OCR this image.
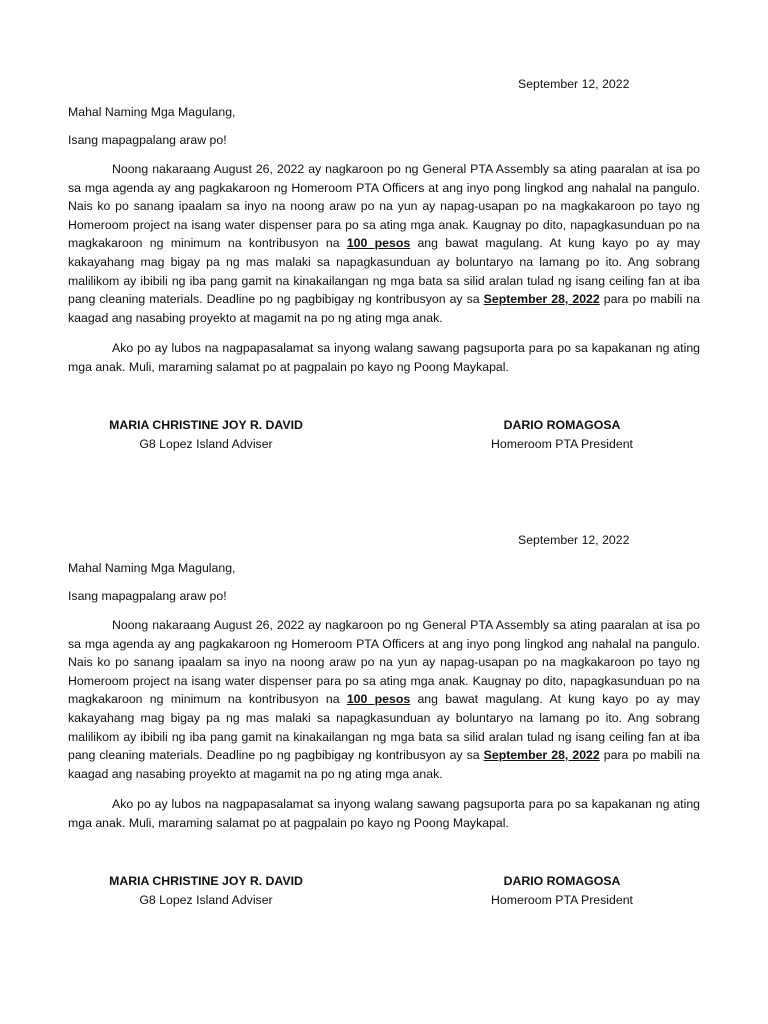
September 12, 2022
Mahal Naming Mga Magulang,
Isang mapagpalang araw po!

Noong nakaraang August 26, 2022 ay nagkaroon po ng General PTA Assembly sa ating paaralan at isa po sa mga agenda ay ang pagkakaroon ng Homeroom PTA Officers at ang inyo pong lingkod ang nahalal na pangulo. Nais ko po sanang ipaalam sa inyo na noong araw po na yun ay napag-usapan po na magkakaroon po tayo ng Homeroom project na isang water dispenser para po sa ating mga anak. Kaugnay po dito, napagkasunduan po na magkakaroon ng minimum na kontribusyon na 100 pesos ang bawat magulang. At kung kayo po ay may kakayahang mag bigay pa ng mas malaki sa napagkasunduan ay boluntaryo na lamang po ito. Ang sobrang malilikom ay ibibili ng iba pang gamit na kinakailangan ng mga bata sa silid aralan tulad ng isang ceiling fan at iba pang cleaning materials. Deadline po ng pagbibigay ng kontribusyon ay sa September 28, 2022 para po mabili na kaagad ang nasabing proyekto at magamit na po ng ating mga anak.

Ako po ay lubos na nagpapasalamat sa inyong walang sawang pagsuporta para po sa kapakanan ng ating mga anak. Muli, maraming salamat po at pagpalain po kayo ng Poong Maykapal.

MARIA CHRISTINE JOY R. DAVID
G8 Lopez Island Adviser
DARIO ROMAGOSA
Homeroom PTA President
September 12, 2022
Mahal Naming Mga Magulang,
Isang mapagpalang araw po!

Noong nakaraang August 26, 2022 ay nagkaroon po ng General PTA Assembly sa ating paaralan at isa po sa mga agenda ay ang pagkakaroon ng Homeroom PTA Officers at ang inyo pong lingkod ang nahalal na pangulo. Nais ko po sanang ipaalam sa inyo na noong araw po na yun ay napag-usapan po na magkakaroon po tayo ng Homeroom project na isang water dispenser para po sa ating mga anak. Kaugnay po dito, napagkasunduan po na magkakaroon ng minimum na kontribusyon na 100 pesos ang bawat magulang. At kung kayo po ay may kakayahang mag bigay pa ng mas malaki sa napagkasunduan ay boluntaryo na lamang po ito. Ang sobrang malilikom ay ibibili ng iba pang gamit na kinakailangan ng mga bata sa silid aralan tulad ng isang ceiling fan at iba pang cleaning materials. Deadline po ng pagbibigay ng kontribusyon ay sa September 28, 2022 para po mabili na kaagad ang nasabing proyekto at magamit na po ng ating mga anak.

Ako po ay lubos na nagpapasalamat sa inyong walang sawang pagsuporta para po sa kapakanan ng ating mga anak. Muli, maraming salamat po at pagpalain po kayo ng Poong Maykapal.

MARIA CHRISTINE JOY R. DAVID
G8 Lopez Island Adviser
DARIO ROMAGOSA
Homeroom PTA President
